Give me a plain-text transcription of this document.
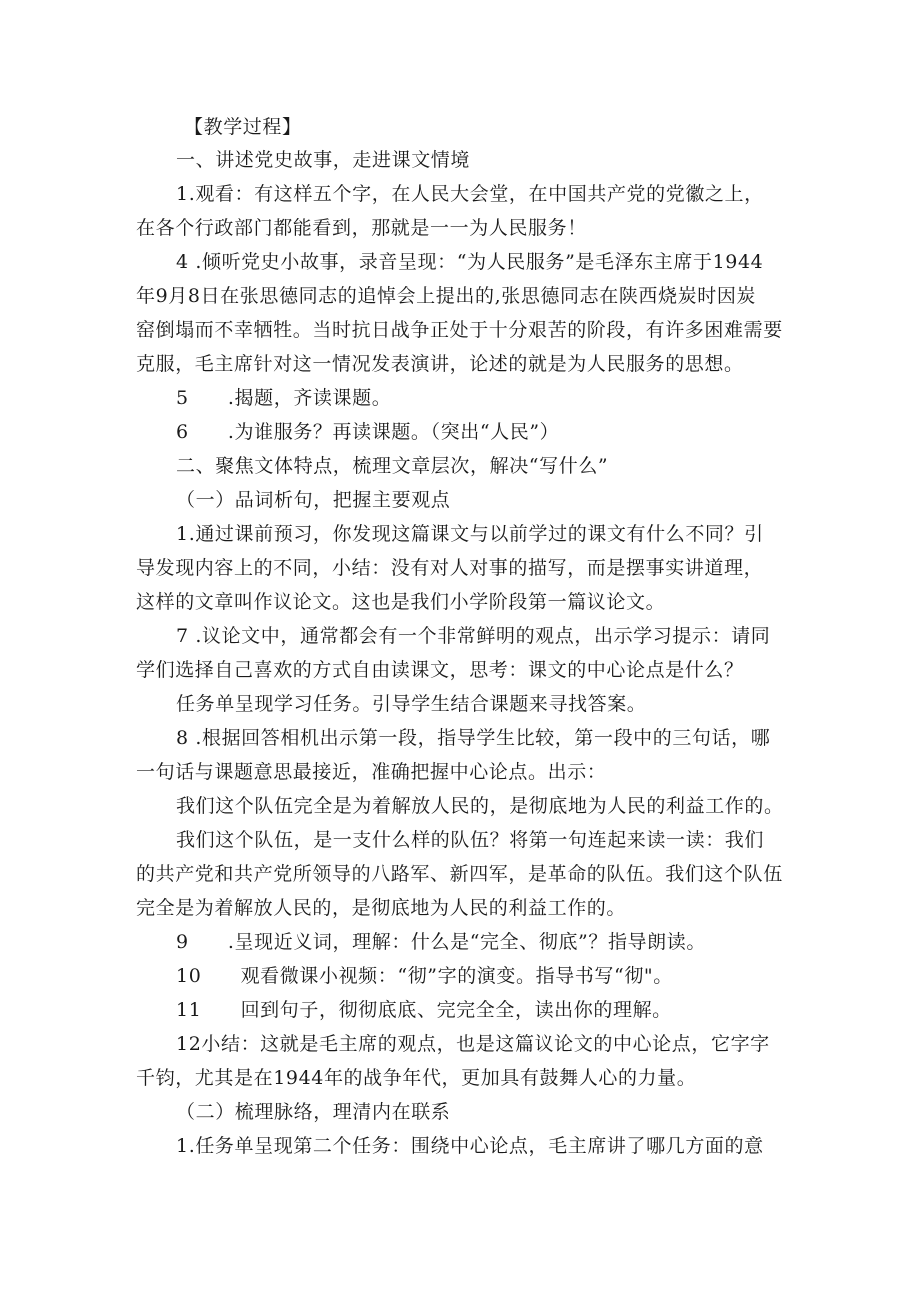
【教学过程】
一、讲述党史故事，走进课文情境
1.观看：有这样五个字，在人民大会堂，在中国共产党的党徽之上，
在各个行政部门都能看到，那就是一一为人民服务！
4 .倾听党史小故事，录音呈现：“为人民服务”是毛泽东主席于1944
年9月8日在张思德同志的追悼会上提出的,张思德同志在陕西烧炭时因炭
窑倒塌而不幸牺牲。当时抗日战争正处于十分艰苦的阶段，有许多困难需要
克服，毛主席针对这一情况发表演讲，论述的就是为人民服务的思想。
5　　.揭题，齐读课题。
6　　.为谁服务？再读课题。（突出“人民”）
二、聚焦文体特点，梳理文章层次，解决“写什么”
（一）品词析句，把握主要观点
1.通过课前预习，你发现这篇课文与以前学过的课文有什么不同？引
导发现内容上的不同，小结：没有对人对事的描写，而是摆事实讲道理，
这样的文章叫作议论文。这也是我们小学阶段第一篇议论文。
7 .议论文中，通常都会有一个非常鲜明的观点，出示学习提示：请同
学们选择自己喜欢的方式自由读课文，思考：课文的中心论点是什么？
任务单呈现学习任务。引导学生结合课题来寻找答案。
8 .根据回答相机出示第一段，指导学生比较，第一段中的三句话，哪
一句话与课题意思最接近，准确把握中心论点。出示：
我们这个队伍完全是为着解放人民的，是彻底地为人民的利益工作的。
我们这个队伍，是一支什么样的队伍？将第一句连起来读一读：我们
的共产党和共产党所领导的八路军、新四军，是革命的队伍。我们这个队伍
完全是为着解放人民的，是彻底地为人民的利益工作的。
9　　.呈现近义词，理解：什么是“完全、彻底”？指导朗读。
10　　观看微课小视频：“彻”字的演变。指导书写“彻"。
11　　回到句子，彻彻底底、完完全全，读出你的理解。
12小结：这就是毛主席的观点，也是这篇议论文的中心论点，它字字
千钧，尤其是在1944年的战争年代，更加具有鼓舞人心的力量。
（二）梳理脉络，理清内在联系
1.任务单呈现第二个任务：围绕中心论点，毛主席讲了哪几方面的意
